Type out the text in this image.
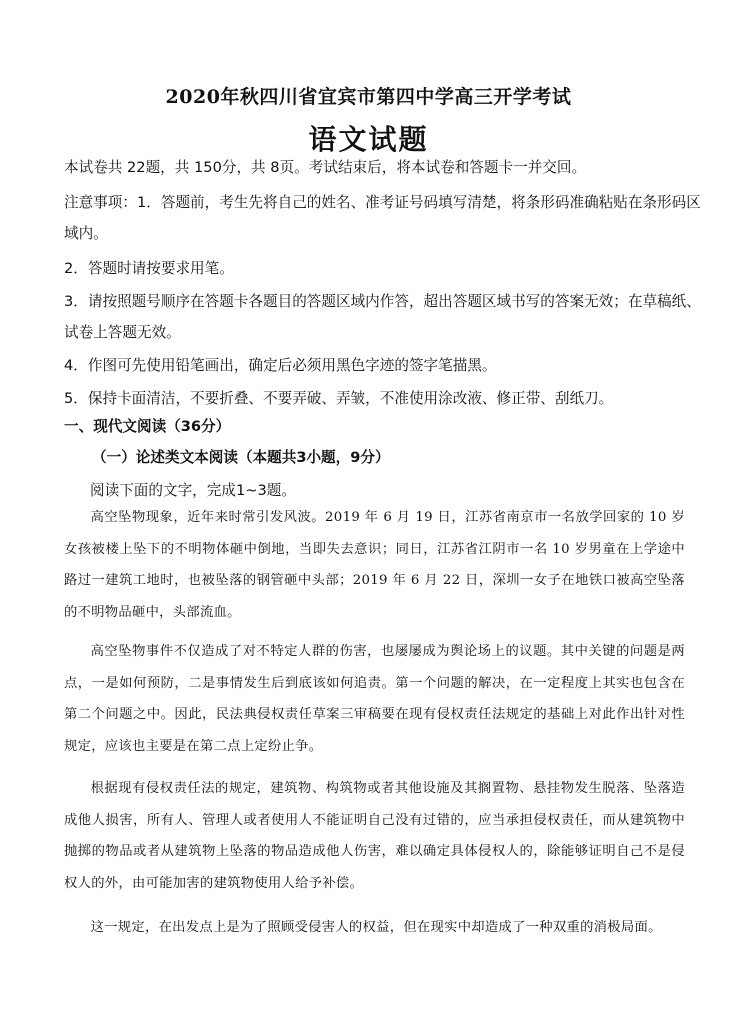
2020年秋四川省宜宾市第四中学高三开学考试
语文试题
本试卷共 22题，共 150分，共 8页。考试结束后，将本试卷和答题卡一并交回。
注意事项：1．答题前，考生先将自己的姓名、准考证号码填写清楚，将条形码准确粘贴在条形码区
域内。
2．答题时请按要求用笔。
3．请按照题号顺序在答题卡各题目的答题区域内作答，超出答题区域书写的答案无效；在草稿纸、
试卷上答题无效。
4．作图可先使用铅笔画出，确定后必须用黑色字迹的签字笔描黑。
5．保持卡面清洁，不要折叠、不要弄破、弄皱，不准使用涂改液、修正带、刮纸刀。
一、现代文阅读（36分）
（一）论述类文本阅读（本题共3小题，9分）
阅读下面的文字，完成1~3题。
高空坠物现象，近年来时常引发风波。2019 年 6 月 19 日，江苏省南京市一名放学回家的 10 岁女孩被楼上坠下的不明物体砸中倒地，当即失去意识；同日，江苏省江阴市一名 10 岁男童在上学途中路过一建筑工地时，也被坠落的钢管砸中头部；2019 年 6 月 22 日，深圳一女子在地铁口被高空坠落的不明物品砸中，头部流血。
高空坠物事件不仅造成了对不特定人群的伤害，也屡屡成为舆论场上的议题。其中关键的问题是两点，一是如何预防，二是事情发生后到底该如何追责。第一个问题的解决，在一定程度上其实也包含在第二个问题之中。因此，民法典侵权责任草案三审稿要在现有侵权责任法规定的基础上对此作出针对性规定，应该也主要是在第二点上定纷止争。
根据现有侵权责任法的规定，建筑物、构筑物或者其他设施及其搁置物、悬挂物发生脱落、坠落造成他人损害，所有人、管理人或者使用人不能证明自己没有过错的，应当承担侵权责任，而从建筑物中抛掷的物品或者从建筑物上坠落的物品造成他人伤害，难以确定具体侵权人的，除能够证明自己不是侵权人的外，由可能加害的建筑物使用人给予补偿。
这一规定，在出发点上是为了照顾受侵害人的权益，但在现实中却造成了一种双重的消极局面。
